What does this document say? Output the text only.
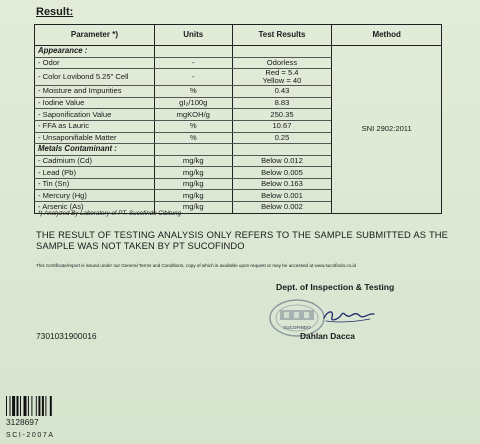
Result:
Parameter *)	Units	Test Results	Method
Appearance :			SNI 2902:2011
- Odor	-	Odorless	
- Color Lovibond 5.25" Cell	-	Red = 5.4
Yellow = 40	

- Moisture and Impurities	%	0.43	
- Iodine Value	gI₂/100g	8.83	
- Saponification Value	mgKOH/g	250.35	
- FFA as Lauric	%	10.67	
- Unsaponifiable Matter	%	0.25	
Metals Contaminant :			
- Cadmium (Cd)	mg/kg	Below 0.012	
- Lead (Pb)	mg/kg	Below 0.005	
- Tin (Sn)	mg/kg	Below 0.163	
- Mercury (Hg)	mg/kg	Below 0.001	
- Arsenic (As)	mg/kg	Below 0.002	
*) Analyzed By Laboratory of PT. Sucofindo Cibitung
THE RESULT OF TESTING ANALYSIS ONLY REFERS TO THE SAMPLE SUBMITTED AS THE SAMPLE WAS NOT TAKEN BY PT SUCOFINDO
This Certificate/report is issued under our General Terms and Conditions, copy of which is available upon request or may be accessed at www.sucofindo.co.id
Dept. of Inspection & Testing
SUCOFINDO
Dahlan Dacca
7301031900016
3128697
SCI-2007A
